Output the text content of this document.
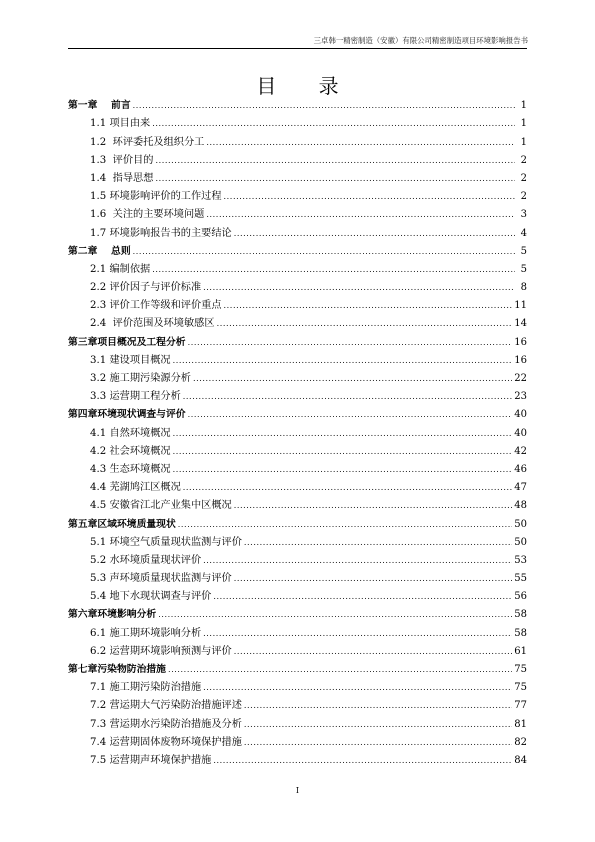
三卓韩一精密制造（安徽）有限公司精密制造项目环境影响报告书
目 录
第一章    前言 .....	1
1.1 项目由来 .....	1
1.2  环评委托及组织分工 .....	1
1.3  评价目的 .....	2
1.4  指导思想 .....	2
1.5 环境影响评价的工作过程 .....	2
1.6  关注的主要环境问题 .....	3
1.7 环境影响报告书的主要结论 .....	4
第二章    总则 .....	5
2.1 编制依据 .....	5
2.2 评价因子与评价标准 .....	8
2.3 评价工作等级和评价重点 .....	11
2.4  评价范围及环境敏感区 .....	14
第三章项目概况及工程分析 .....	16
3.1 建设项目概况 .....	16
3.2 施工期污染源分析 .....	22
3.3 运营期工程分析 .....	23
第四章环境现状调查与评价 .....	40
4.1 自然环境概况 .....	40
4.2 社会环境概况 .....	42
4.3 生态环境概况 .....	46
4.4 芜湖鸠江区概况 .....	47
4.5 安徽省江北产业集中区概况 .....	48
第五章区域环境质量现状 .....	50
5.1 环境空气质量现状监测与评价 .....	50
5.2 水环境质量现状评价 .....	53
5.3 声环境质量现状监测与评价 .....	55
5.4 地下水现状调查与评价 .....	56
第六章环境影响分析 .....	58
6.1 施工期环境影响分析 .....	58
6.2 运营期环境影响预测与评价 .....	61
第七章污染物防治措施 .....	75
7.1 施工期污染防治措施 .....	75
7.2 营运期大气污染防治措施评述 .....	77
7.3 营运期水污染防治措施及分析 .....	81
7.4 运营期固体废物环境保护措施 .....	82
7.5 运营期声环境保护措施 .....	84
I
